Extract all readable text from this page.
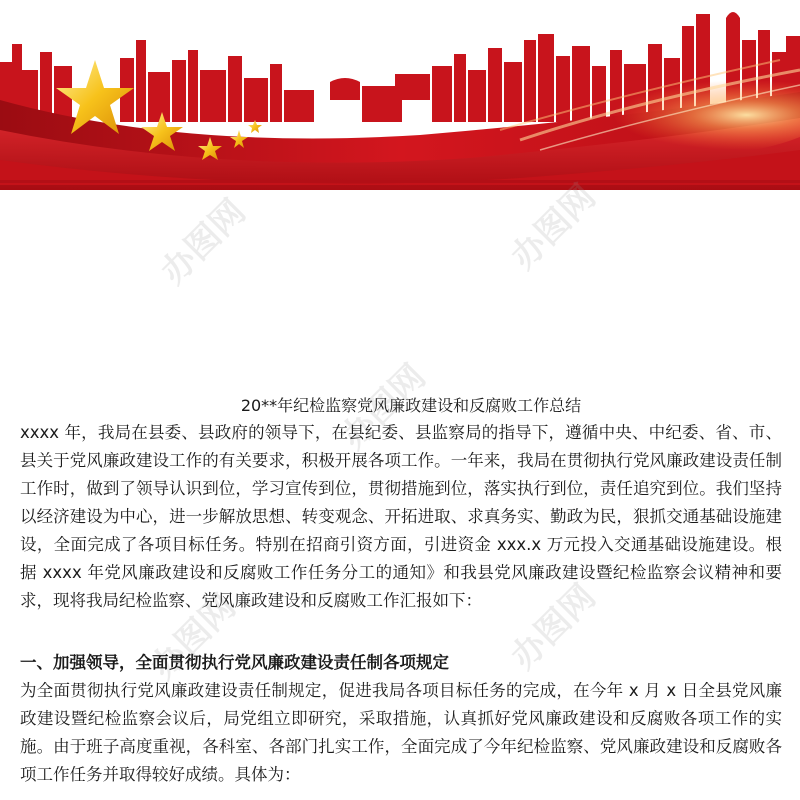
办图网	办图网
办图网
办图网
办图网

20**年纪检监察党风廉政建设和反腐败工作总结

xxxx 年，我局在县委、县政府的领导下，在县纪委、县监察局的指导下，遵循中央、中纪委、省、市、县关于党风廉政建设工作的有关要求，积极开展各项工作。一年来，我局在贯彻执行党风廉政建设责任制工作时，做到了领导认识到位，学习宣传到位，贯彻措施到位，落实执行到位，责任追究到位。我们坚持以经济建设为中心，进一步解放思想、转变观念、开拓进取、求真务实、勤政为民，狠抓交通基础设施建设，全面完成了各项目标任务。特别在招商引资方面，引进资金 xxx.x 万元投入交通基础设施建设。根据 xxxx 年党风廉政建设和反腐败工作任务分工的通知》和我县党风廉政建设暨纪检监察会议精神和要求，现将我局纪检监察、党风廉政建设和反腐败工作汇报如下：

一、加强领导，全面贯彻执行党风廉政建设责任制各项规定

为全面贯彻执行党风廉政建设责任制规定，促进我局各项目标任务的完成，在今年 x 月 x 日全县党风廉政建设暨纪检监察会议后，局党组立即研究，采取措施，认真抓好党风廉政建设和反腐败各项工作的实施。由于班子高度重视，各科室、各部门扎实工作，全面完成了今年纪检监察、党风廉政建设和反腐败各项工作任务并取得较好成绩。具体为：
